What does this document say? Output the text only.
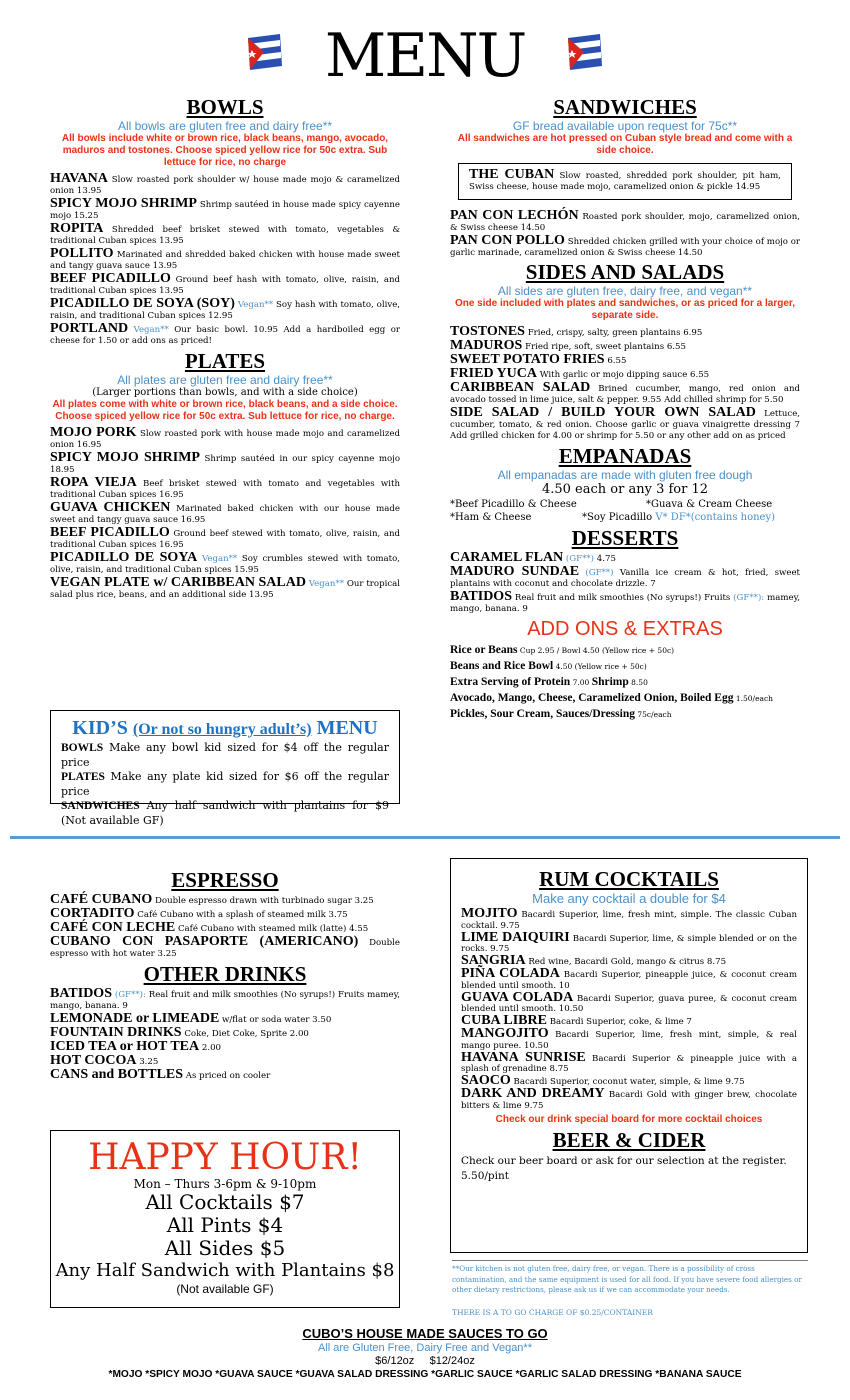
MENU
BOWLS
All bowls are gluten free and dairy free**
All bowls include white or brown rice, black beans, mango, avocado, maduros and tostones. Choose spiced yellow rice for 50c extra. Sub lettuce for rice, no charge
HAVANA Slow roasted pork shoulder w/ house made mojo & caramelized onion 13.95
SPICY MOJO SHRIMP Shrimp sautéed in house made spicy cayenne mojo 15.25
ROPITA Shredded beef brisket stewed with tomato, vegetables & traditional Cuban spices 13.95
POLLITO Marinated and shredded baked chicken with house made sweet and tangy guava sauce 13.95
BEEF PICADILLO Ground beef hash with tomato, olive, raisin, and traditional Cuban spices 13.95
PICADILLO DE SOYA (SOY) Vegan** Soy hash with tomato, olive, raisin, and traditional Cuban spices 12.95
PORTLAND Vegan** Our basic bowl. 10.95 Add a hardboiled egg or cheese for 1.50 or add ons as priced!
PLATES
All plates are gluten free and dairy free**
(Larger portions than bowls, and with a side choice)
All plates come with white or brown rice, black beans, and a side choice. Choose spiced yellow rice for 50c extra. Sub lettuce for rice, no charge.
MOJO PORK Slow roasted pork with house made mojo and caramelized onion 16.95
SPICY MOJO SHRIMP Shrimp sautéed in our spicy cayenne mojo 18.95
ROPA VIEJA Beef brisket stewed with tomato and vegetables with traditional Cuban spices 16.95
GUAVA CHICKEN Marinated baked chicken with our house made sweet and tangy guava sauce 16.95
BEEF PICADILLO Ground beef stewed with tomato, olive, raisin, and traditional Cuban spices 16.95
PICADILLO DE SOYA Vegan** Soy crumbles stewed with tomato, olive, raisin, and traditional Cuban spices 15.95
VEGAN PLATE w/ CARIBBEAN SALAD Vegan** Our tropical salad plus rice, beans, and an additional side 13.95
KID’S (Or not so hungry adult’s) MENU
BOWLS Make any bowl kid sized for $4 off the regular price
PLATES Make any plate kid sized for $6 off the regular price
SANDWICHES Any half sandwich with plantains for $9 (Not available GF)
SANDWICHES
GF bread available upon request for 75c**
All sandwiches are hot pressed on Cuban style bread and come with a side choice.
THE CUBAN Slow roasted, shredded pork shoulder, pit ham, Swiss cheese, house made mojo, caramelized onion & pickle 14.95
PAN CON LECHÓN Roasted pork shoulder, mojo, caramelized onion, & Swiss cheese 14.50
PAN CON POLLO Shredded chicken grilled with your choice of mojo or garlic marinade, caramelized onion & Swiss cheese 14.50
SIDES AND SALADS
All sides are gluten free, dairy free, and vegan**
One side included with plates and sandwiches, or as priced for a larger, separate side.
TOSTONES Fried, crispy, salty, green plantains 6.95
MADUROS Fried ripe, soft, sweet plantains 6.55
SWEET POTATO FRIES 6.55
FRIED YUCA With garlic or mojo dipping sauce 6.55
CARIBBEAN SALAD Brined cucumber, mango, red onion and avocado tossed in lime juice, salt & pepper. 9.55 Add chilled shrimp for 5.50
SIDE SALAD / BUILD YOUR OWN SALAD Lettuce, cucumber, tomato, & red onion. Choose garlic or guava vinaigrette dressing 7 Add grilled chicken for 4.00 or shrimp for 5.50 or any other add on as priced
EMPANADAS
All empanadas are made with gluten free dough
4.50 each or any 3 for 12
*Beef Picadillo & Cheese	*Guava & Cream Cheese
*Ham & Cheese	*Soy Picadillo V* DF*(contains honey)
DESSERTS
CARAMEL FLAN (GF**) 4.75
MADURO SUNDAE (GF**) Vanilla ice cream & hot, fried, sweet plantains with coconut and chocolate drizzle. 7
BATIDOS Real fruit and milk smoothies (No syrups!) Fruits (GF**): mamey, mango, banana. 9
ADD ONS & EXTRAS
Rice or Beans Cup 2.95 / Bowl 4.50 (Yellow rice + 50c)
Beans and Rice Bowl 4.50 (Yellow rice + 50c)
Extra Serving of Protein 7.00 Shrimp 8.50
Avocado, Mango, Cheese, Caramelized Onion, Boiled Egg 1.50/each
Pickles, Sour Cream, Sauces/Dressing 75c/each
ESPRESSO
CAFÉ CUBANO Double espresso drawn with turbinado sugar 3.25
CORTADITO Café Cubano with a splash of steamed milk 3.75
CAFÉ CON LECHE Café Cubano with steamed milk (latte) 4.55
CUBANO CON PASAPORTE (AMERICANO) Double espresso with hot water 3.25
OTHER DRINKS
BATIDOS (GF**): Real fruit and milk smoothies (No syrups!) Fruits mamey, mango, banana. 9
LEMONADE or LIMEADE w/flat or soda water 3.50
FOUNTAIN DRINKS Coke, Diet Coke, Sprite 2.00
ICED TEA or HOT TEA 2.00
HOT COCOA 3.25
CANS and BOTTLES As priced on cooler
HAPPY HOUR!
Mon – Thurs 3-6pm & 9-10pm
All Cocktails $7
All Pints $4
All Sides $5
Any Half Sandwich with Plantains $8
(Not available GF)
RUM COCKTAILS
Make any cocktail a double for $4
MOJITO Bacardi Superior, lime, fresh mint, simple. The classic Cuban cocktail. 9.75
LIME DAIQUIRI Bacardi Superior, lime, & simple blended or on the rocks. 9.75
SANGRIA Red wine, Bacardi Gold, mango & citrus 8.75
PIÑA COLADA Bacardi Superior, pineapple juice, & coconut cream blended until smooth. 10
GUAVA COLADA Bacardi Superior, guava puree, & coconut cream blended until smooth. 10.50
CUBA LIBRE Bacardi Superior, coke, & lime 7
MANGOJITO Bacardi Superior, lime, fresh mint, simple, & real mango puree. 10.50
HAVANA SUNRISE Bacardi Superior & pineapple juice with a splash of grenadine 8.75
SAOCO Bacardi Superior, coconut water, simple, & lime 9.75
DARK AND DREAMY Bacardi Gold with ginger brew, chocolate bitters & lime 9.75
Check our drink special board for more cocktail choices
BEER & CIDER
Check our beer board or ask for our selection at the register. 5.50/pint
**Our kitchen is not gluten free, dairy free, or vegan. There is a possibility of cross contamination, and the same equipment is used for all food. If you have severe food allergies or other dietary restrictions, please ask us if we can accommodate your needs.
THERE IS A TO GO CHARGE OF $0.25/CONTAINER
CUBO’S HOUSE MADE SAUCES TO GO
All are Gluten Free, Dairy Free and Vegan**
$6/12oz     $12/24oz
*MOJO *SPICY MOJO *GUAVA SAUCE *GUAVA SALAD DRESSING *GARLIC SAUCE *GARLIC SALAD DRESSING *BANANA SAUCE
